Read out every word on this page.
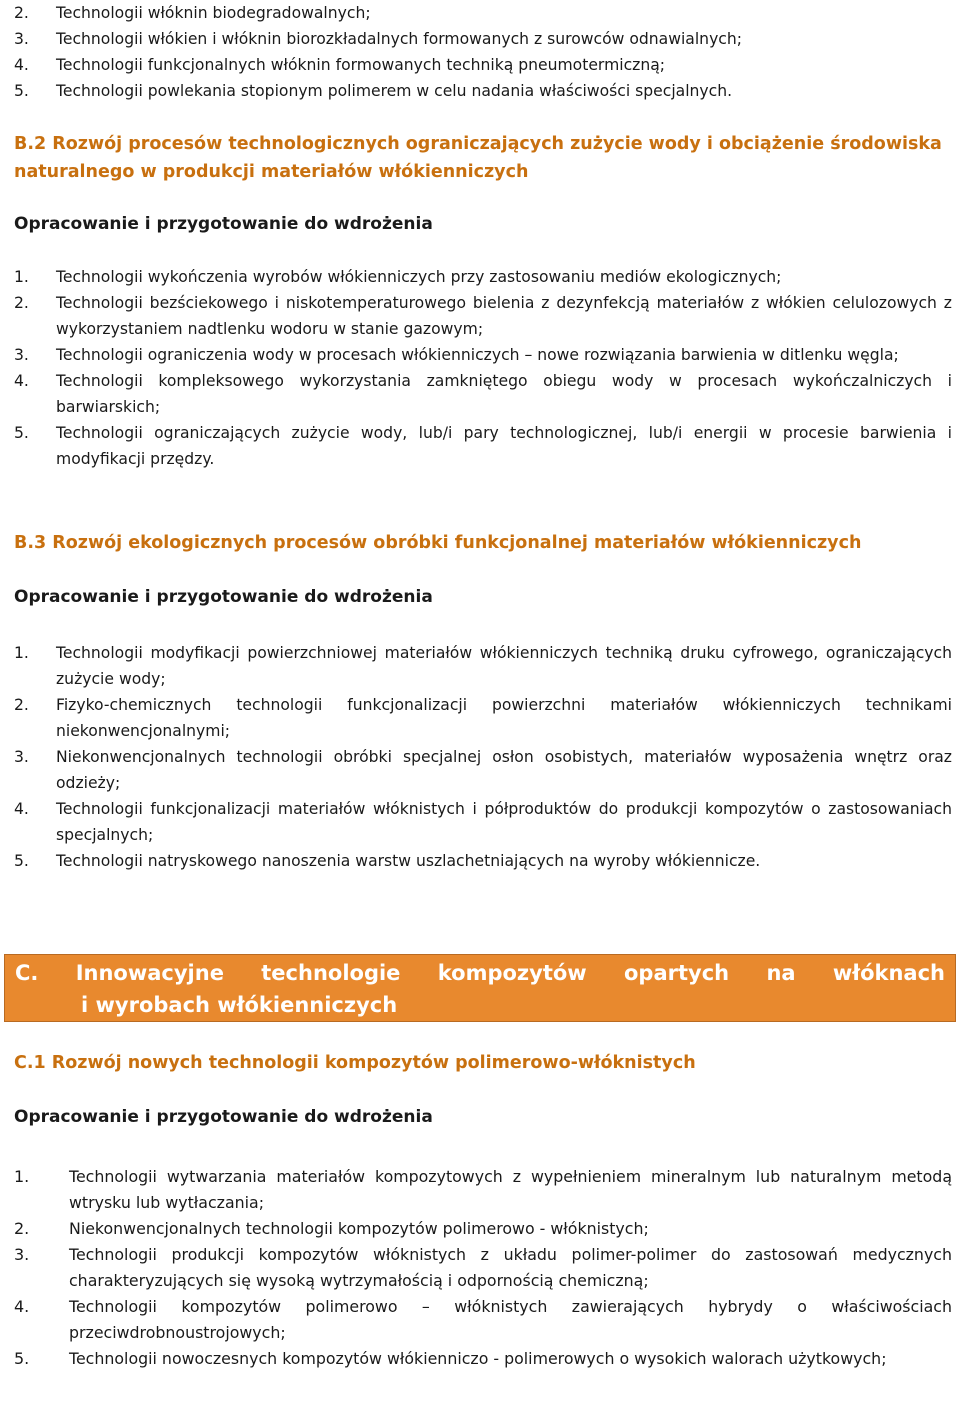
2.	Technologii włóknin biodegradowalnych;
3.	Technologii włókien i włóknin biorozkładalnych formowanych z surowców odnawialnych;
4.	Technologii funkcjonalnych włóknin formowanych techniką pneumotermiczną;
5.	Technologii powlekania stopionym polimerem w celu nadania właściwości specjalnych.
B.2 Rozwój procesów technologicznych ograniczających zużycie wody i obciążenie środowiska naturalnego w produkcji materiałów włókienniczych
Opracowanie i przygotowanie do wdrożenia
1.	Technologii wykończenia wyrobów włókienniczych przy zastosowaniu mediów ekologicznych;
2.	Technologii bezściekowego i niskotemperaturowego bielenia z dezynfekcją materiałów z włókien celulozowych z wykorzystaniem nadtlenku wodoru w stanie gazowym;
3.	Technologii ograniczenia wody w procesach włókienniczych – nowe rozwiązania barwienia w ditlenku węgla;
4.	Technologii kompleksowego wykorzystania zamkniętego obiegu wody w procesach wykończalniczych i barwiarskich;
5.	Technologii ograniczających zużycie wody, lub/i pary technologicznej, lub/i energii w procesie barwienia i modyfikacji przędzy.
B.3 Rozwój ekologicznych procesów obróbki funkcjonalnej materiałów włókienniczych
Opracowanie i przygotowanie do wdrożenia
1.	Technologii modyfikacji powierzchniowej materiałów włókienniczych techniką druku cyfrowego, ograniczających zużycie wody;
2.	Fizyko-chemicznych technologii funkcjonalizacji powierzchni materiałów włókienniczych technikami niekonwencjonalnymi;
3.	Niekonwencjonalnych technologii obróbki specjalnej osłon osobistych, materiałów wyposażenia wnętrz oraz odzieży;
4.	Technologii funkcjonalizacji materiałów włóknistych i półproduktów do produkcji kompozytów o zastosowaniach specjalnych;
5.	Technologii natryskowego nanoszenia warstw uszlachetniających na wyroby włókiennicze.
C. Innowacyjne technologie kompozytów opartych na włóknach
i wyrobach włókienniczych
C.1 Rozwój nowych technologii kompozytów polimerowo-włóknistych
Opracowanie i przygotowanie do wdrożenia
1.	Technologii wytwarzania materiałów kompozytowych z wypełnieniem mineralnym lub naturalnym metodą wtrysku lub wytłaczania;
2.	Niekonwencjonalnych technologii kompozytów polimerowo - włóknistych;
3.	Technologii produkcji kompozytów włóknistych z układu polimer-polimer do zastosowań medycznych charakteryzujących się wysoką wytrzymałością i odpornością chemiczną;
4.	Technologii kompozytów polimerowo – włóknistych zawierających hybrydy o właściwościach przeciwdrobnoustrojowych;
5.	Technologii nowoczesnych kompozytów włókienniczo - polimerowych o wysokich walorach użytkowych;
